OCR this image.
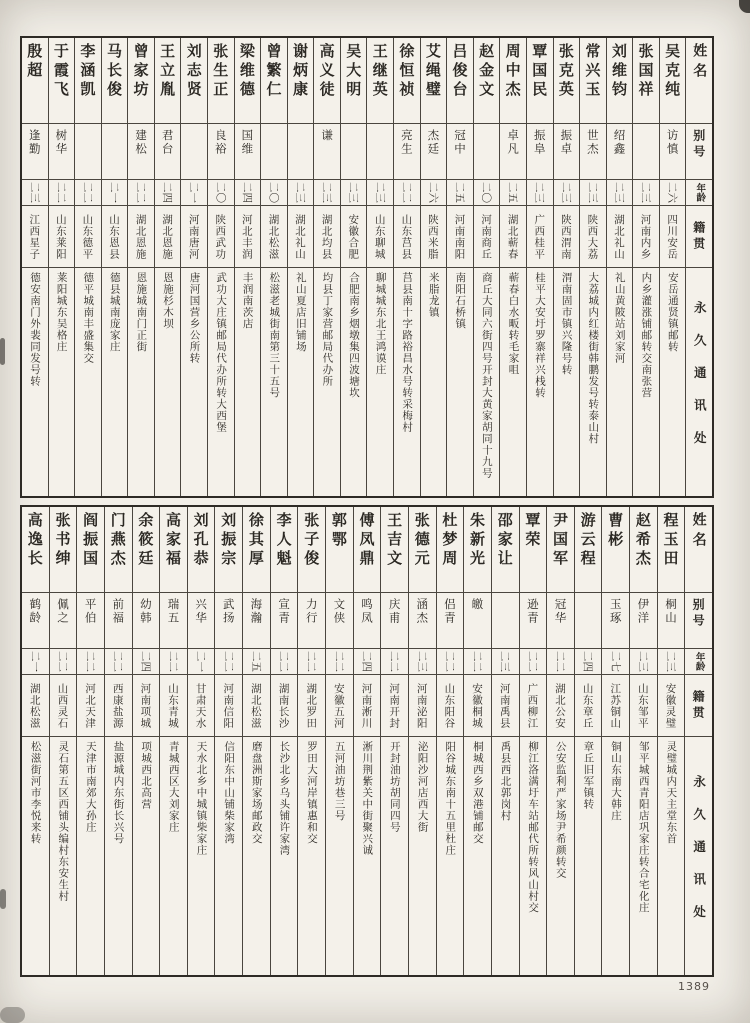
姓名
别号
年龄
籍贯
永久通讯处
吴克纯
访慎
二六
四川安岳
安岳通贤镇邮转
张国祥
二三
河南内乡
内乡灌涨铺邮转交南张营
刘维钧
绍鑫
二三
湖北礼山
礼山黄陂站刘家河
常兴玉
世杰
二三
陕西大荔
大荔城内红楼街韩鹏发号转泰山村
张克英
振卓
二三
陕西渭南
渭南固市镇兴隆号转
覃国民
振阜
二三
广西桂平
桂平大安圩罗寨祥兴栈转
周中杰
卓凡
二五
湖北蕲春
蕲春白水畈转毛家咀
赵金文
二〇
河南商丘
商丘大同六街四号开封大黄家胡同十九号
吕俊台
冠中
二五
河南南阳
南阳石桥镇
艾绳璧
杰廷
二六
陕西米脂
米脂龙镇
徐恒祯
亮生
二二
山东莒县
莒县南十字路裕昌水号转采梅村
王继英
二三
山东聊城
聊城城东北王鸿谟庄
吴大明
二三
安徽合肥
合肥南乡烟墩集四波塘坎
高义徒
谦
二三
湖北均县
均县丁家营邮局代办所
谢炳康
二三
湖北礼山
礼山夏店旧铺场
曾繁仁
二〇
湖北松滋
松滋老城街南第三十五号
梁维德
国维
二四
河北丰润
丰润南茨店
张生正
良裕
二〇
陕西武功
武功大庄镇邮局代办所转大西堡
刘志贤
二一
河南唐河
唐河国营乡公所转
王立胤
君台
二四
湖北恩施
恩施杉木坝
曾家坊
建松
二二
湖北恩施
恩施城南门正街
马长俊
二一
山东恩县
德县城南庞家庄
李涵凯
二二
山东德平
德平城南丰盛集交
于霞飞
树华
二二
山东莱阳
莱阳城东吴格庄
殷超
逢勤
二三
江西星子
德安南门外裴同发号转
姓名
别号
年龄
籍贯
永久通讯处
程玉田
桐山
二三
安徽灵璧
灵璧城内天主堂东首
赵希杰
伊洋
二三
山东邹平
邹平城西青阳店巩家庄转合宅化庄
曹彬
玉琢
二七
江苏铜山
铜山东南大韩庄
游云程
二四
山东章丘
章丘旧军镇转
尹国军
冠华
二二
湖北公安
公安监利严家场尹希颜转交
覃荣
逊青
二二
广西柳江
柳江洛满圩车站邮代所转风山村交
邵家让
二三
河南禹县
禹县西北郭岗村
朱新光
皦
二二
安徽桐城
桐城西乡双港铺邮交
杜梦周
侣青
二二
山东阳谷
阳谷城东南十五里杜庄
张德元
涵杰
二三
河南泌阳
泌阳沙河店西大街
王吉文
庆甫
二二
河南开封
开封油坊胡同四号
傅凤鼎
鸣凤
二四
河南淅川
淅川荆紫关中街聚兴诚
郭鄂
文侠
二二
安徽五河
五河油坊巷三号
张子俊
力行
二二
湖北罗田
罗田大河岸镇惠和交
李人魁
宣青
二二
湖南长沙
长沙北乡乌头铺许家湾
徐其厚
海瀚
二五
湖北松滋
磨盘洲斯家场邮政交
刘振宗
武扬
二二
河南信阳
信阳东中山铺柴家湾
刘孔恭
兴华
二一
甘肃天水
天水北乡中城镇柴家庄
高家福
瑞五
二二
山东青城
青城西区大刘家庄
余筱廷
幼韩
二四
河南项城
项城西北高营
门燕杰
前福
二二
西康盐源
盐源城内东街长兴号
阎振国
平伯
二二
河北天津
天津市南郊大孙庄
张书绅
佩之
二二
山西灵石
灵石第五区西铺头编村东安生村
高逸长
鹤龄
二一
湖北松滋
松滋街河市李悦来转
1389
